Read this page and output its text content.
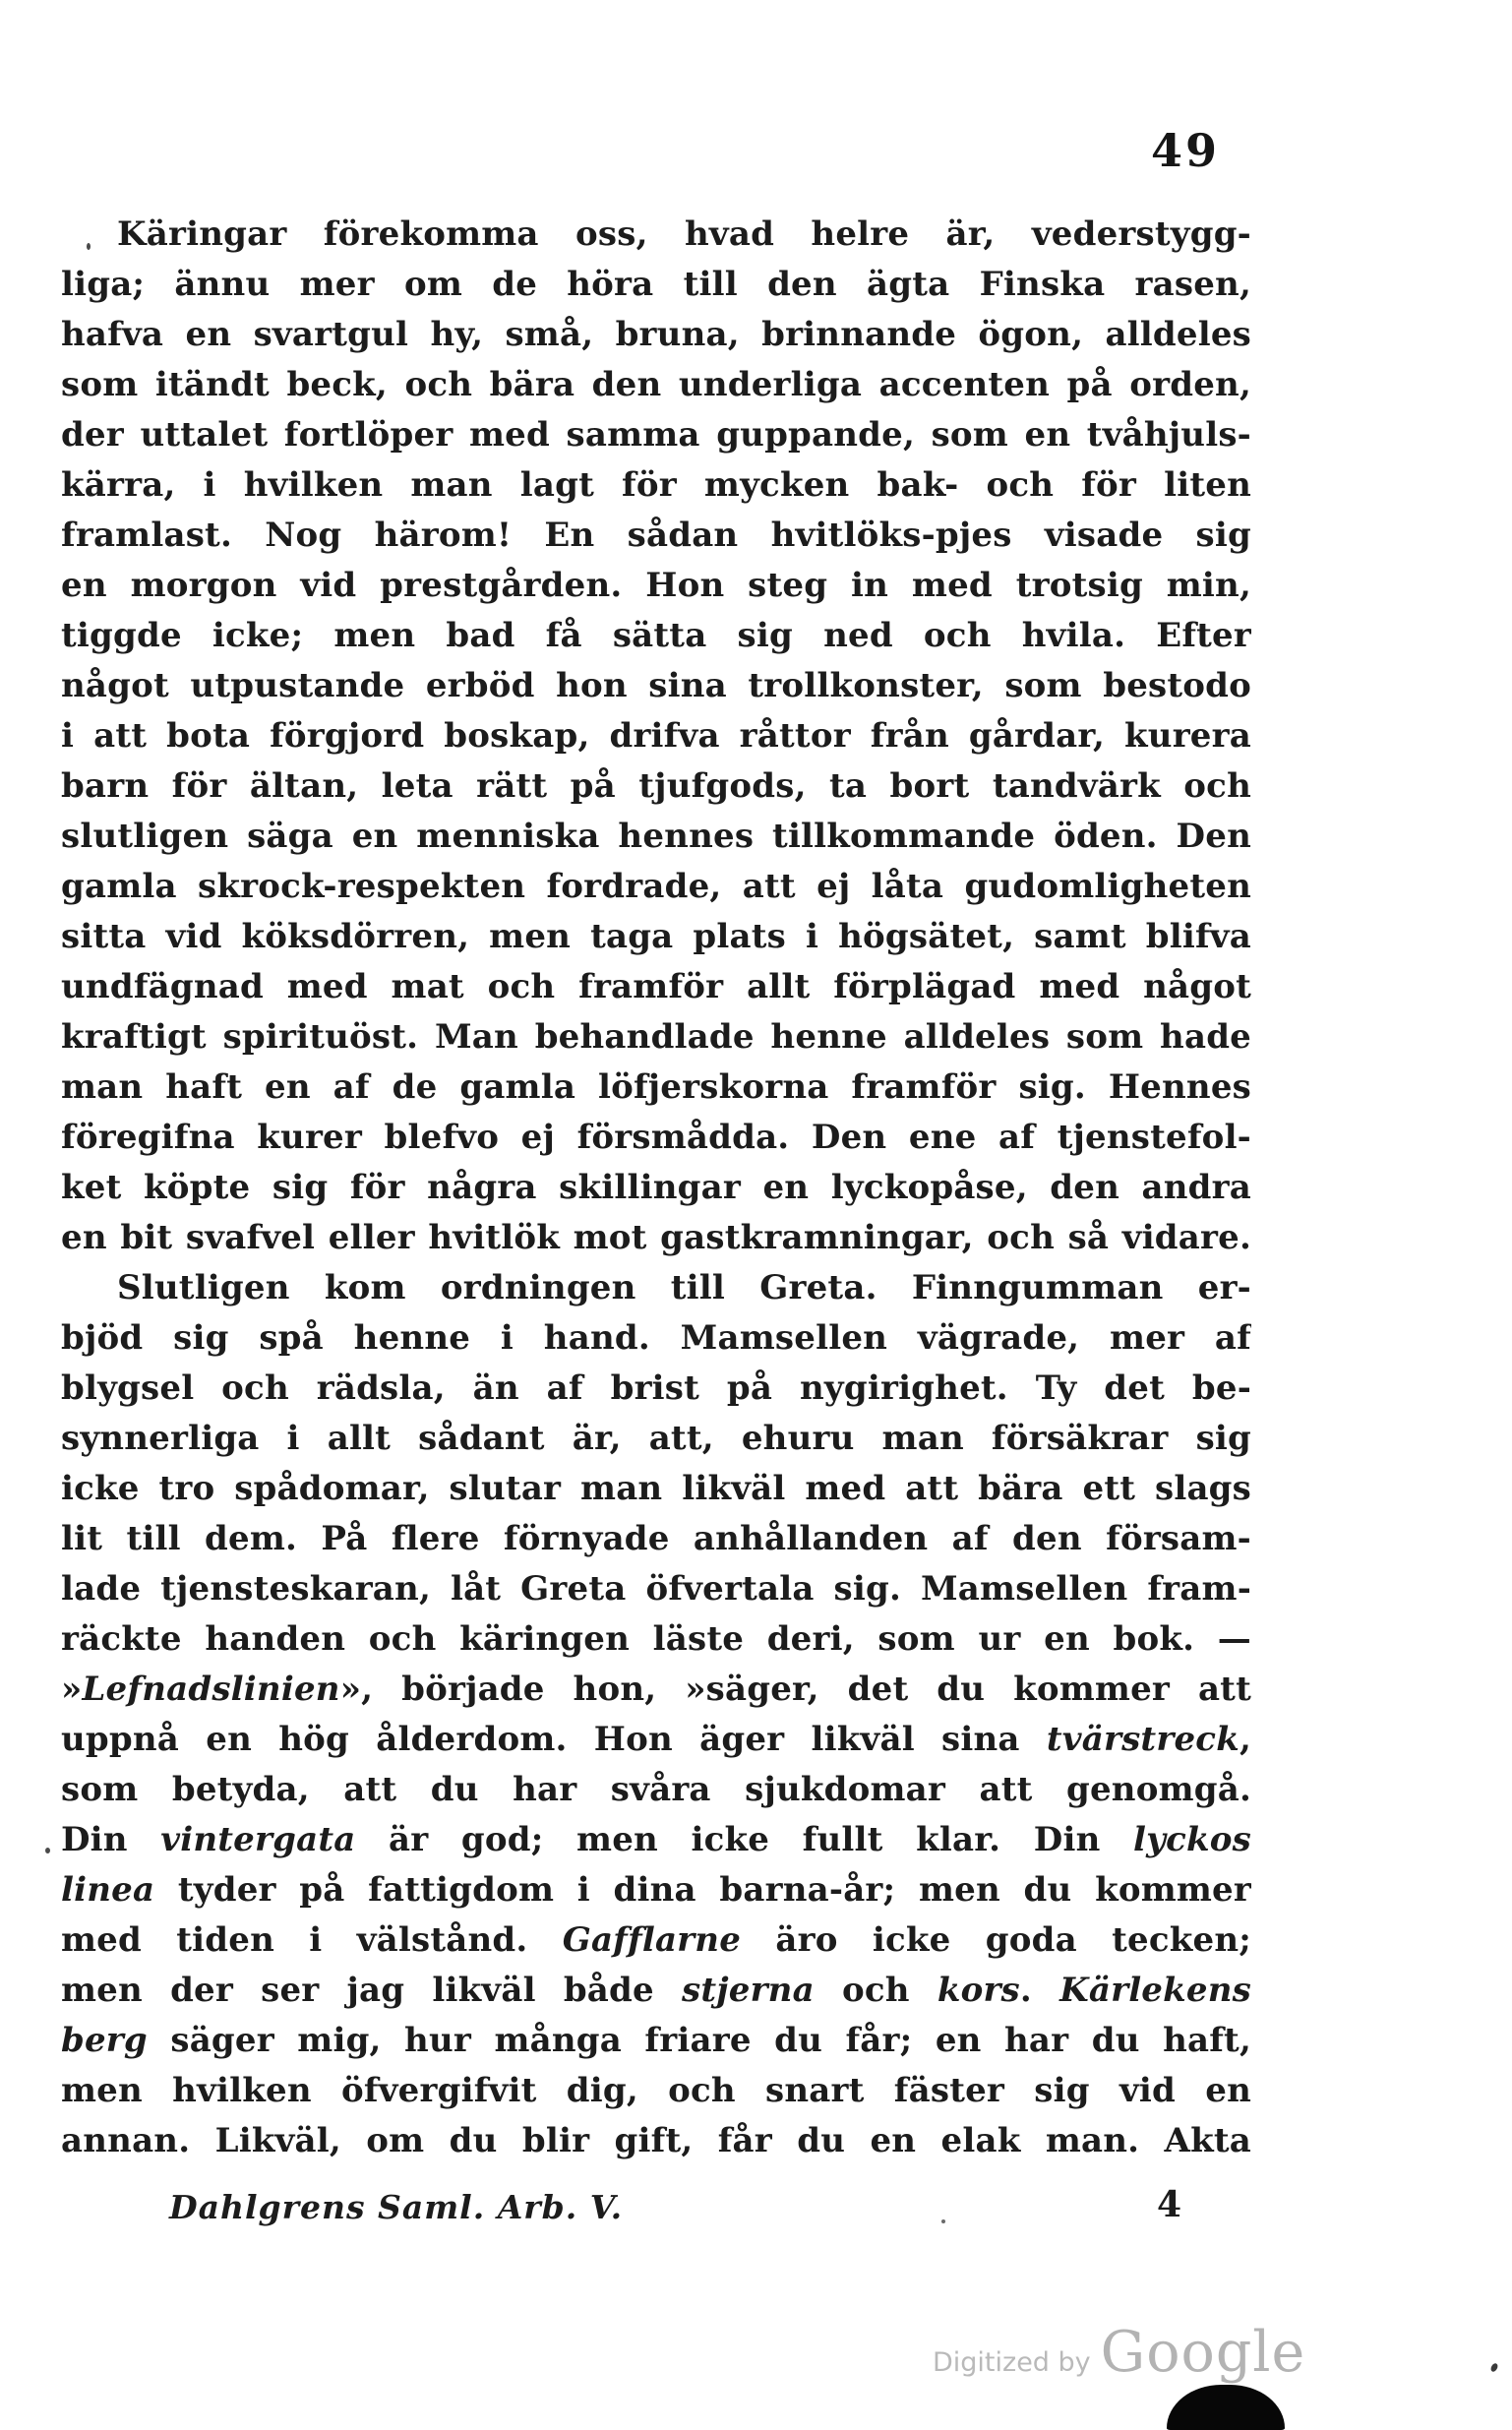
49
Käringar förekomma oss, hvad helre är, vederstygg-
liga; ännu mer om de höra till den ägta Finska rasen,
hafva en svartgul hy, små, bruna, brinnande ögon, alldeles
som itändt beck, och bära den underliga accenten på orden,
der uttalet fortlöper med samma guppande, som en tvåhjuls-
kärra, i hvilken man lagt för mycken bak- och för liten
framlast. Nog härom! En sådan hvitlöks-pjes visade sig
en morgon vid prestgården. Hon steg in med trotsig min,
tiggde icke; men bad få sätta sig ned och hvila. Efter
något utpustande erböd hon sina trollkonster, som bestodo
i att bota förgjord boskap, drifva råttor från gårdar, kurera
barn för ältan, leta rätt på tjufgods, ta bort tandvärk och
slutligen säga en menniska hennes tillkommande öden. Den
gamla skrock-respekten fordrade, att ej låta gudomligheten
sitta vid köksdörren, men taga plats i högsätet, samt blifva
undfägnad med mat och framför allt förplägad med något
kraftigt spirituöst. Man behandlade henne alldeles som hade
man haft en af de gamla löfjerskorna framför sig. Hennes
föregifna kurer blefvo ej försmådda. Den ene af tjenstefol-
ket köpte sig för några skillingar en lyckopåse, den andra
en bit svafvel eller hvitlök mot gastkramningar, och så vidare.
Slutligen kom ordningen till Greta. Finngumman er-
bjöd sig spå henne i hand. Mamsellen vägrade, mer af
blygsel och rädsla, än af brist på nygirighet. Ty det be-
synnerliga i allt sådant är, att, ehuru man försäkrar sig
icke tro spådomar, slutar man likväl med att bära ett slags
lit till dem. På flere förnyade anhållanden af den försam-
lade tjensteskaran, låt Greta öfvertala sig. Mamsellen fram-
räckte handen och käringen läste deri, som ur en bok. —
»Lefnadslinien», började hon, »säger, det du kommer att
uppnå en hög ålderdom. Hon äger likväl sina tvärstreck,
som betyda, att du har svåra sjukdomar att genomgå.
Din vintergata är god; men icke fullt klar. Din lyckos
linea tyder på fattigdom i dina barna-år; men du kommer
med tiden i välstånd. Gafflarne äro icke goda tecken;
men der ser jag likväl både stjerna och kors. Kärlekens
berg säger mig, hur många friare du får; en har du haft,
men hvilken öfvergifvit dig, och snart fäster sig vid en
annan. Likväl, om du blir gift, får du en elak man. Akta
Dahlgrens Saml. Arb. V.	4
Digitized by Google
